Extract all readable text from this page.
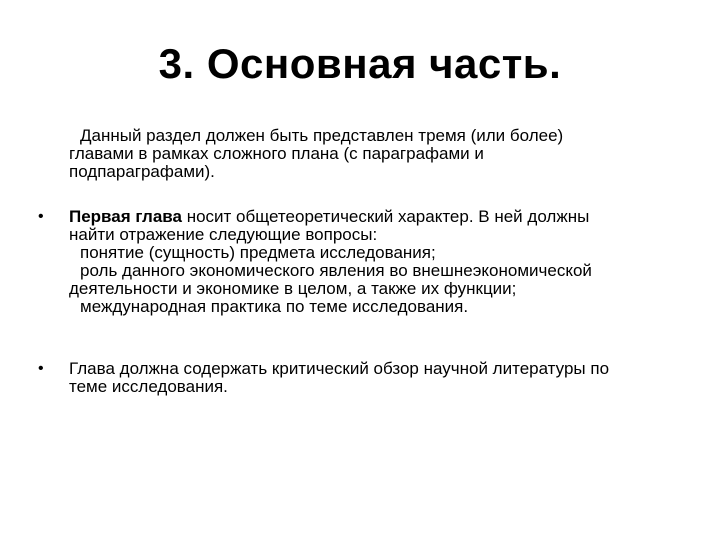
3. Основная часть.
Данный раздел должен быть представлен тремя (или более)
главами в рамках сложного плана (с параграфами и
подпараграфами).
• Первая глава носит общетеоретический характер. В ней должны
найти отражение следующие вопросы:
понятие (сущность) предмета исследования;
роль данного экономического явления во внешнеэкономической
деятельности и экономике в целом, а также их функции;
международная практика по теме исследования.
• Глава должна содержать критический обзор научной литературы по
теме исследования.
